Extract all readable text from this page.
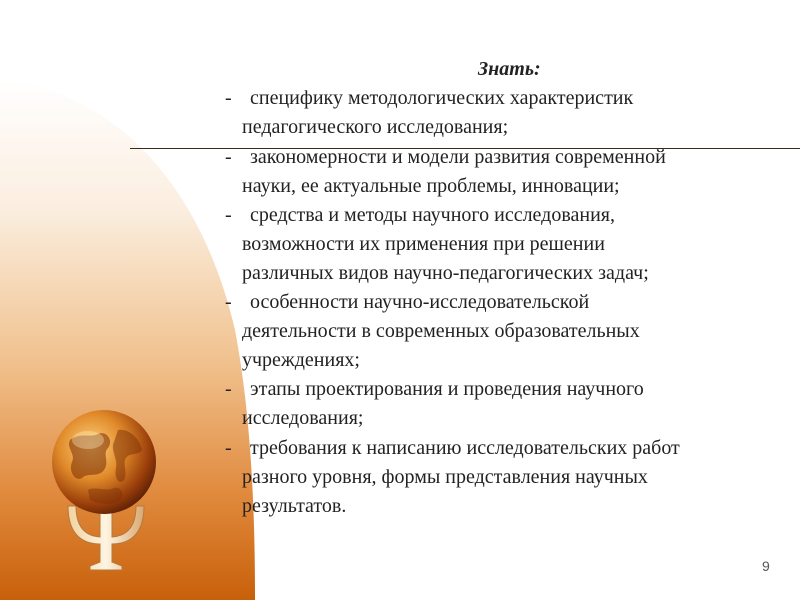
Знать:
- специфику методологических характеристик
педагогического исследования;
- закономерности и модели развития современной
науки, ее актуальные проблемы, инновации;
- средства и методы научного исследования,
возможности их применения при решении
различных видов научно-педагогических задач;
- особенности научно-исследовательской
деятельности в современных образовательных
учреждениях;
- этапы проектирования и проведения научного
исследования;
- требования к написанию исследовательских работ
разного уровня, формы представления научных
результатов.
9
